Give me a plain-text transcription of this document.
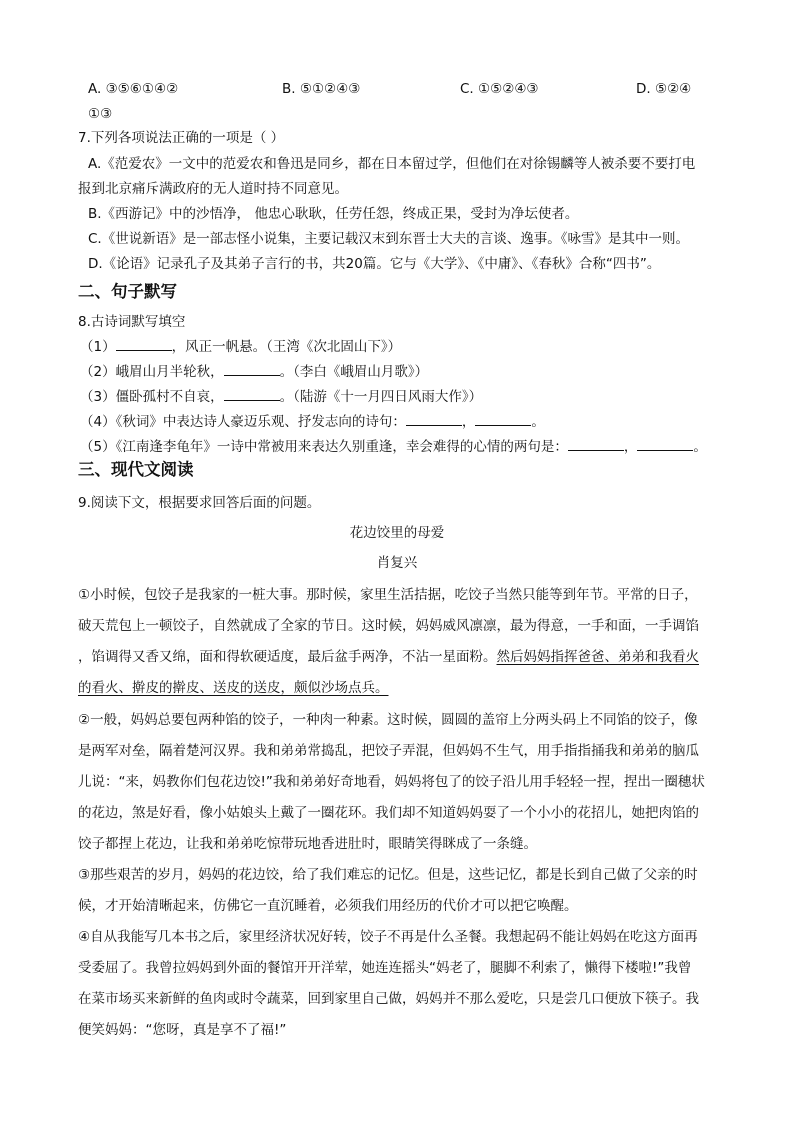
A. ③⑤⑥①④②	B. ⑤①②④③	C. ①⑤②④③	D. ⑤②④
①③
7.下列各项说法正确的一项是（ ）
A.《范爱农》一文中的范爱农和鲁迅是同乡，都在日本留过学，但他们在对徐锡麟等人被杀要不要打电
报到北京痛斥满政府的无人道时持不同意见。
B.《西游记》中的沙悟净， 他忠心耿耿，任劳任怨，终成正果，受封为净坛使者。
C.《世说新语》是一部志怪小说集，主要记载汉末到东晋士大夫的言谈、逸事。《咏雪》是其中一则。
D.《论语》记录孔子及其弟子言行的书，共20篇。它与《大学》、《中庸》、《春秋》合称“四书”。
二、句子默写
8.古诗词默写填空
（1）	，风正一帆悬。（王湾《次北固山下》）
（2）峨眉山月半轮秋，	。（李白《峨眉山月歌》）
（3）僵卧孤村不自哀，	。（陆游《十一月四日风雨大作》）
（4）《秋词》中表达诗人豪迈乐观、抒发志向的诗句：	，	。
（5）《江南逢李龟年》一诗中常被用来表达久别重逢，幸会难得的心情的两句是：	，	。
三、现代文阅读
9.阅读下文，根据要求回答后面的问题。
花边饺里的母爱
肖复兴
①小时候，包饺子是我家的一桩大事。那时候，家里生活拮据，吃饺子当然只能等到年节。平常的日子，
破天荒包上一顿饺子，自然就成了全家的节日。这时候，妈妈威风凛凛，最为得意，一手和面，一手调馅
，馅调得又香又绵，面和得软硬适度，最后盆手两净，不沾一星面粉。然后妈妈指挥爸爸、弟弟和我看火
的看火、擀皮的擀皮、送皮的送皮，颇似沙场点兵。
②一般，妈妈总要包两种馅的饺子，一种肉一种素。这时候，圆圆的盖帘上分两头码上不同馅的饺子，像
是两军对垒，隔着楚河汉界。我和弟弟常捣乱，把饺子弄混，但妈妈不生气，用手指指捅我和弟弟的脑瓜
儿说：“来，妈教你们包花边饺!”我和弟弟好奇地看，妈妈将包了的饺子沿儿用手轻轻一捏，捏出一圈穗状
的花边，煞是好看，像小姑娘头上戴了一圈花环。我们却不知道妈妈耍了一个小小的花招儿，她把肉馅的
饺子都捏上花边，让我和弟弟吃惊带玩地香进肚时，眼睛笑得眯成了一条缝。
③那些艰苦的岁月，妈妈的花边饺，给了我们难忘的记忆。但是，这些记忆，都是长到自己做了父亲的时
候，才开始清晰起来，仿佛它一直沉睡着，必须我们用经历的代价才可以把它唤醒。
④自从我能写几本书之后，家里经济状况好转，饺子不再是什么圣餐。我想起码不能让妈妈在吃这方面再
受委屈了。我曾拉妈妈到外面的餐馆开开洋荤，她连连摇头“妈老了，腿脚不利索了，懒得下楼啦!”我曾
在菜市场买来新鲜的鱼肉或时令蔬菜，回到家里自己做，妈妈并不那么爱吃，只是尝几口便放下筷子。我
便笑妈妈：“您呀，真是享不了福!”
